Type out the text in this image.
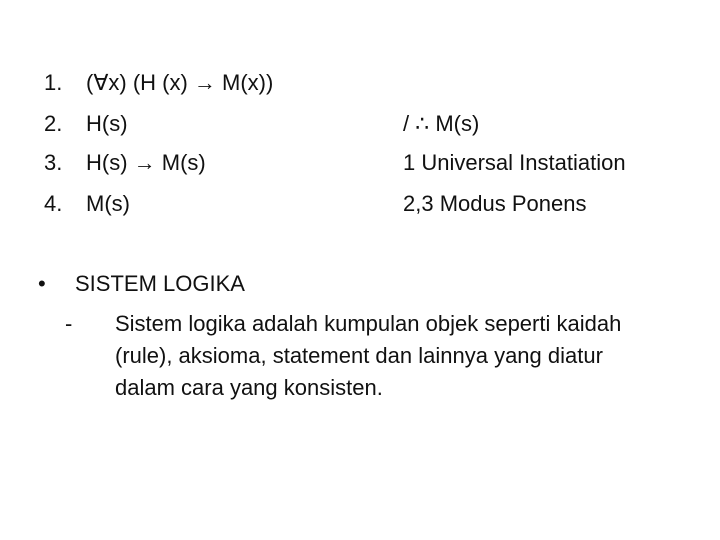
1.	(∀x) (H (x) → M(x))
2.	H(s)	/ ∴ M(s)
3.	H(s) → M(s)	1 Universal Instatiation
4.	M(s)	2,3 Modus Ponens
•	SISTEM LOGIKA
-	Sistem logika adalah kumpulan objek seperti kaidah (rule), aksioma, statement dan lainnya yang diatur dalam cara yang konsisten.
